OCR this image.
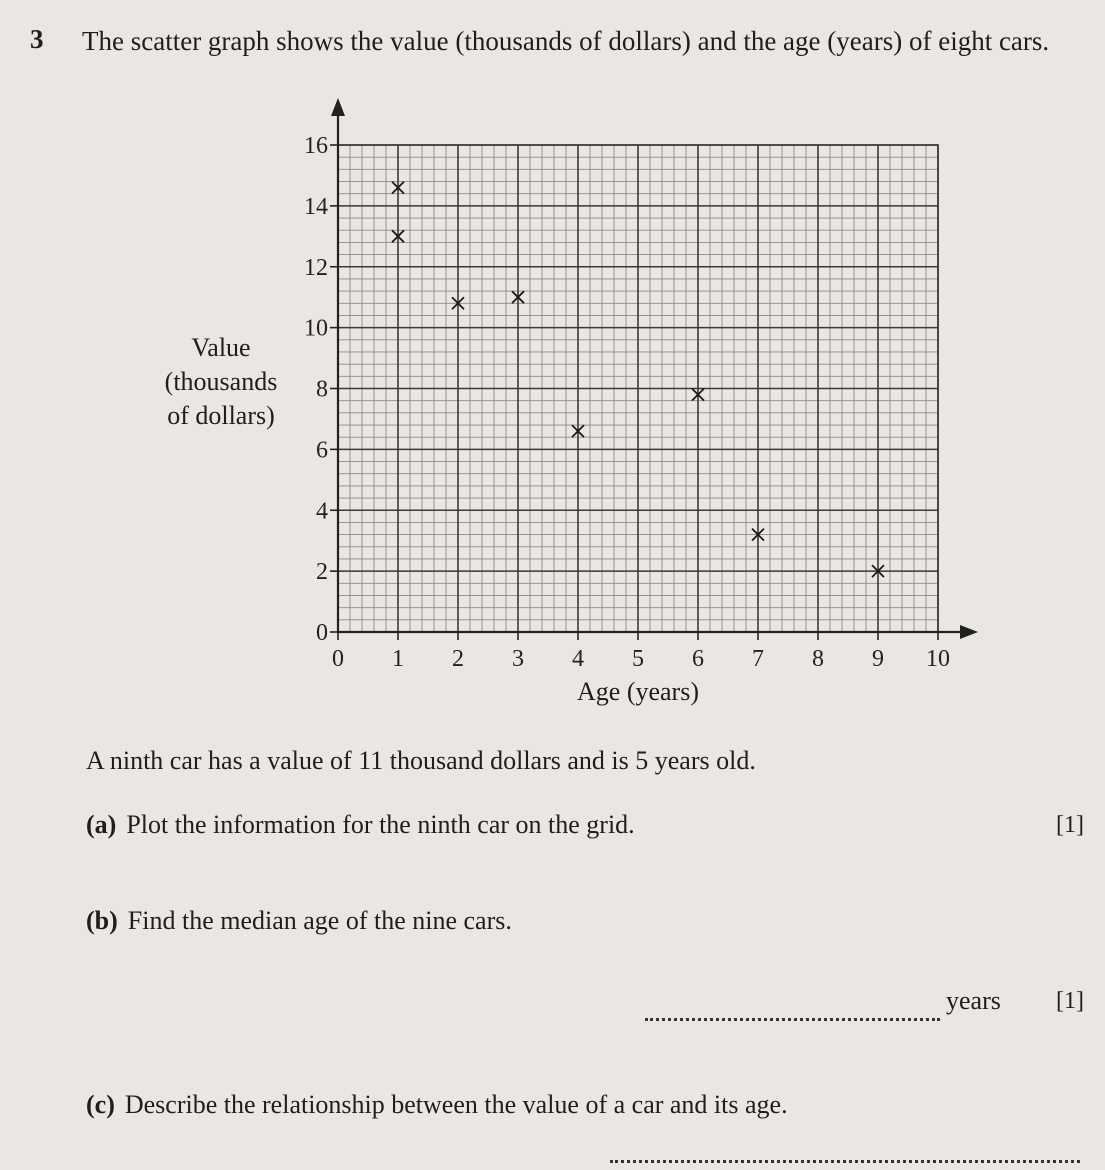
3 The scatter graph shows the value (thousands of dollars) and the age (years) of eight cars.
0
2
4
6
8
10
12
14
16
0 1 2 3 4 5 6 7 8 9 10
Value
(thousands
of dollars)
Age (years)
A ninth car has a value of 11 thousand dollars and is 5 years old.
(a) Plot the information for the ninth car on the grid.	[1]
(b) Find the median age of the nine cars.
years [1]
(c) Describe the relationship between the value of a car and its age.
